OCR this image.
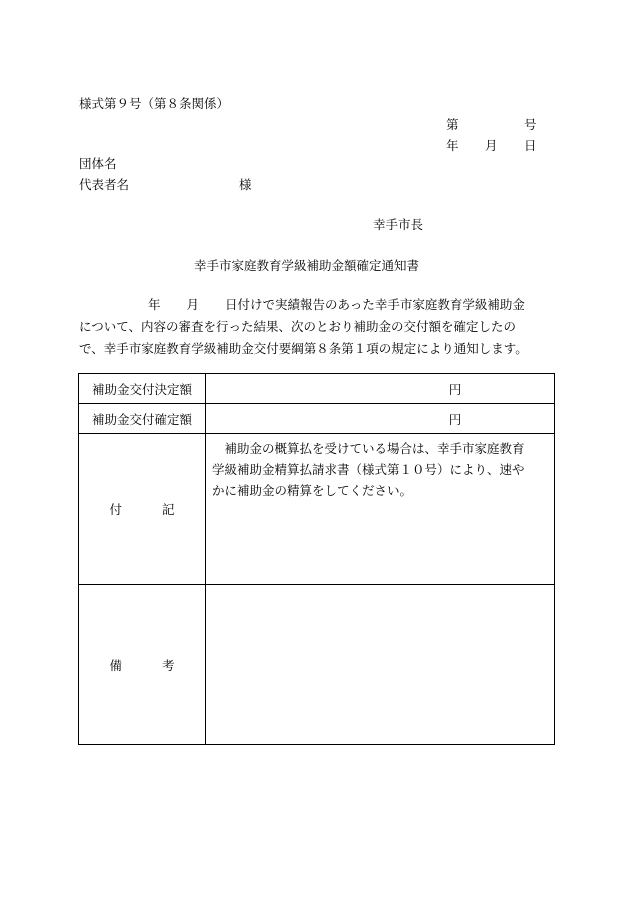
様式第９号（第８条関係）
第	号
年 月 日
団体名
代表者名	様
幸手市長
幸手市家庭教育学級補助金額確定通知書
年 月 日付けで実績報告のあった幸手市家庭教育学級補助金
について、内容の審査を行った結果、次のとおり補助金の交付額を確定したの
で、幸手市家庭教育学級補助金交付要綱第８条第１項の規定により通知します。
補助金交付決定額	円
補助金交付確定額	円
付 記	　補助金の概算払を受けている場合は、幸手市家庭教育
学級補助金精算払請求書（様式第１０号）により、速や
かに補助金の精算をしてください。

備 考	
